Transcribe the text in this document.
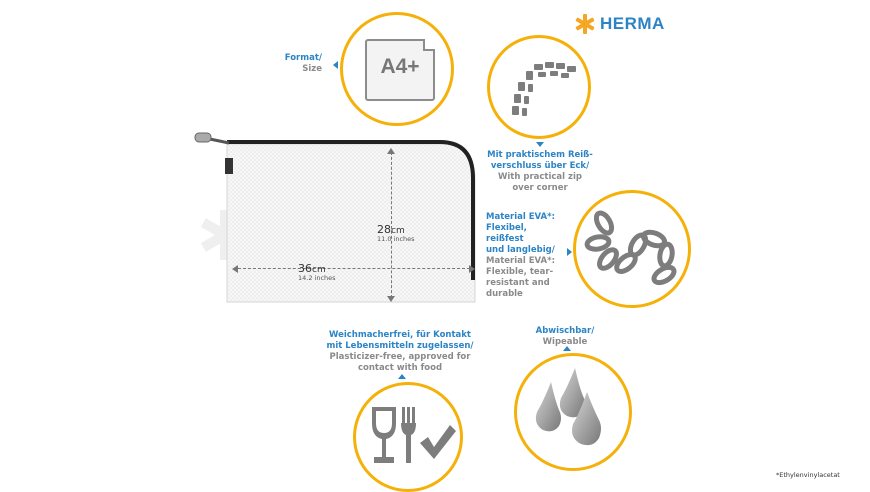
HERMA
Format/
Size	A4+
Mit praktischem Reiß-
verschluss über Eck/
With practical zip
over corner
28cm
11.0 inches
36cm
14.2 inches
Material EVA*:
Flexibel, reißfest
und langlebig/
Material EVA*:
Flexible, tear-
resistant and
durable
Weichmacherfrei, für Kontakt
mit Lebensmitteln zugelassen/
Plasticizer-free, approved for
contact with food
Abwischbar/
Wipeable
*Ethylenvinylacetat
